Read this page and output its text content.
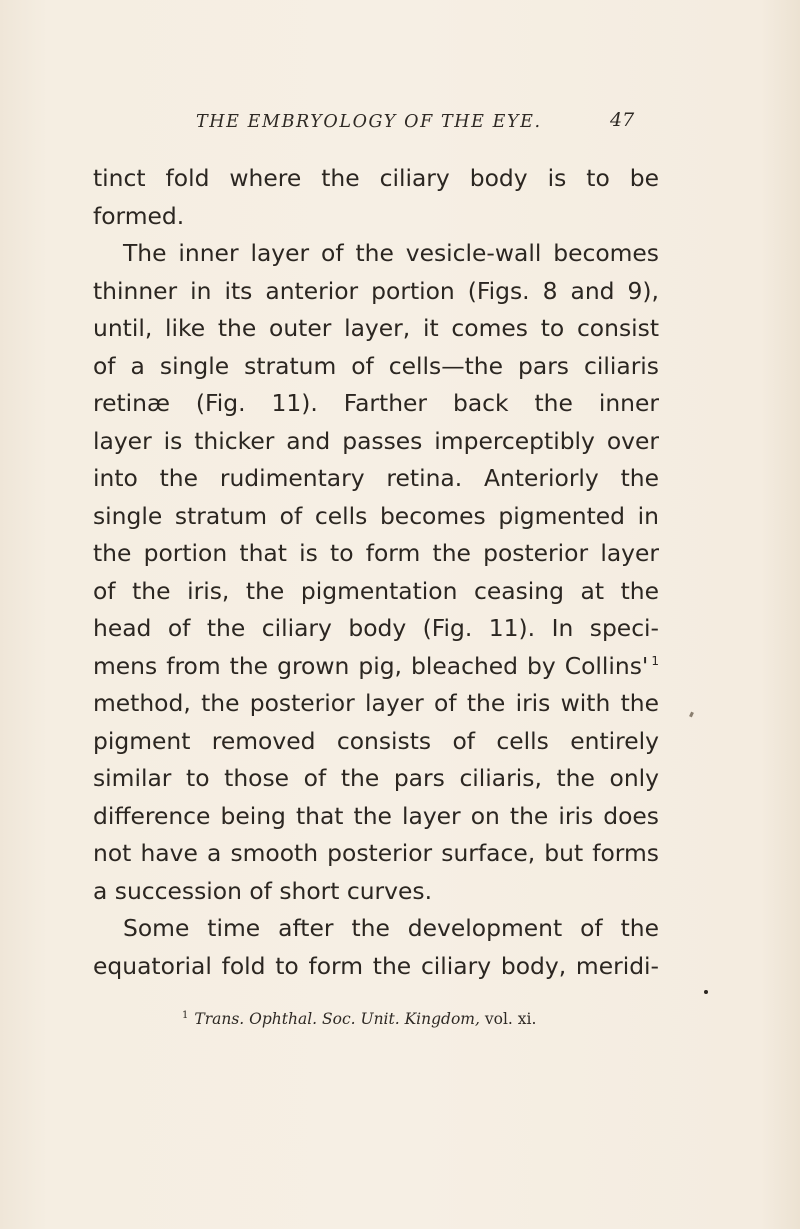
THE EMBRYOLOGY OF THE EYE.	47
tinct fold where the ciliary body is to be
formed.
The inner layer of the vesicle-wall becomes
thinner in its anterior portion (Figs. 8 and 9),
until, like the outer layer, it comes to consist
of a single stratum of cells—the pars ciliaris
retinæ (Fig. 11). Farther back the inner
layer is thicker and passes imperceptibly over
into the rudimentary retina. Anteriorly the
single stratum of cells becomes pigmented in
the portion that is to form the posterior layer
of the iris, the pigmentation ceasing at the
head of the ciliary body (Fig. 11). In speci-
mens from the grown pig, bleached by Collins' $^1$
method, the posterior layer of the iris with the
pigment removed consists of cells entirely
similar to those of the pars ciliaris, the only
difference being that the layer on the iris does
not have a smooth posterior surface, but forms
a succession of short curves.
Some time after the development of the
equatorial fold to form the ciliary body, meridi-
$^1$ Trans. Ophthal. Soc. Unit. Kingdom, vol. xi.
